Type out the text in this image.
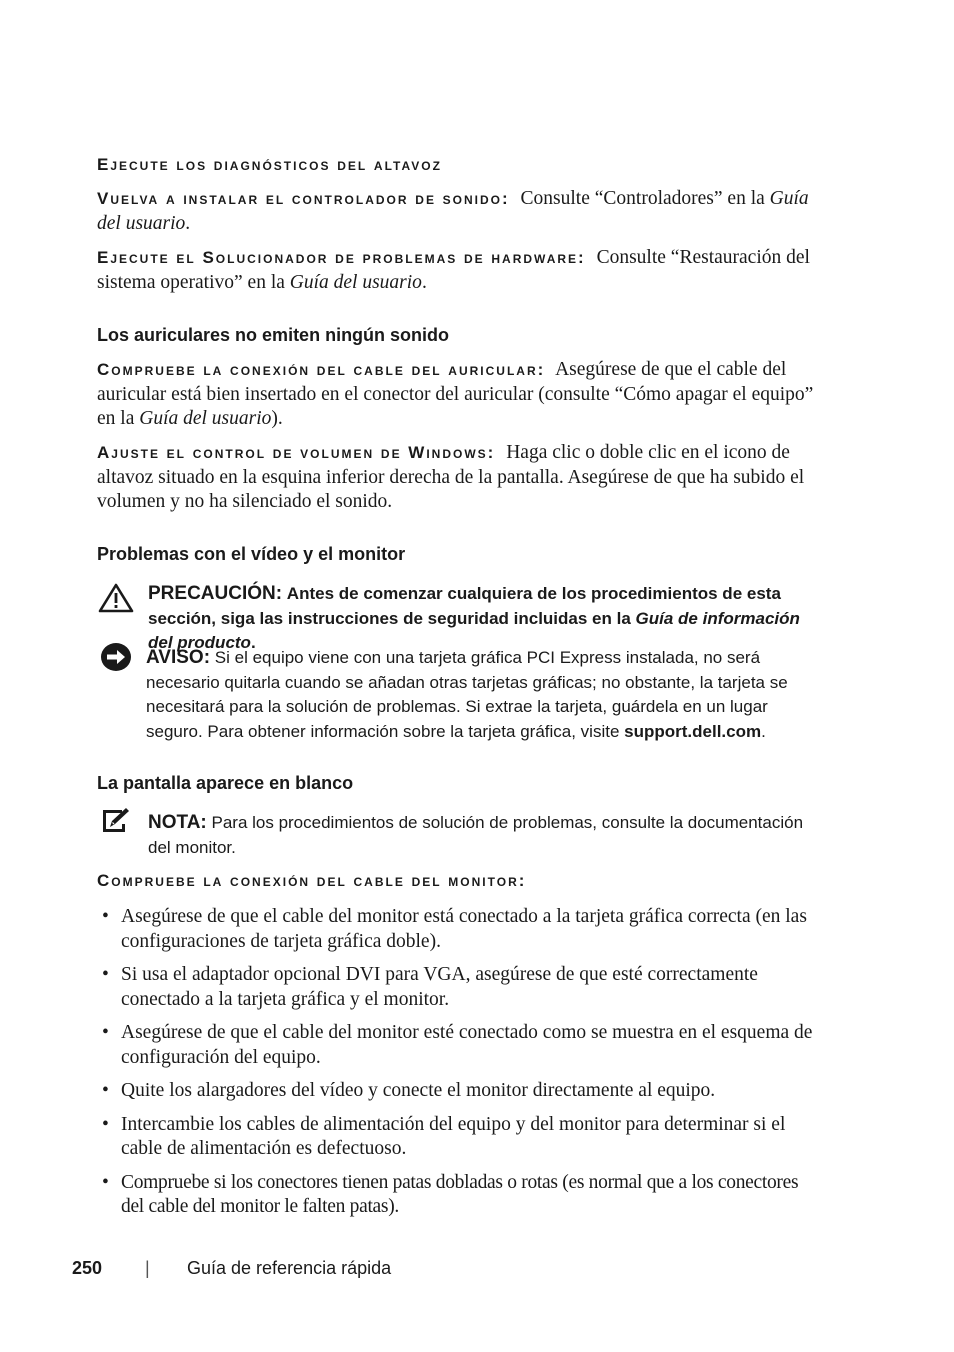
Ejecute los diagnósticos del altavoz
Vuelva a instalar el controlador de sonido: Consulte “Controladores” en la Guía del usuario.
Ejecute el Solucionador de problemas de hardware: Consulte “Restauración del sistema operativo” en la Guía del usuario.
Los auriculares no emiten ningún sonido
Compruebe la conexión del cable del auricular: Asegúrese de que el cable del auricular está bien insertado en el conector del auricular (consulte “Cómo apagar el equipo” en la Guía del usuario).
Ajuste el control de volumen de Windows: Haga clic o doble clic en el icono de altavoz situado en la esquina inferior derecha de la pantalla. Asegúrese de que ha subido el volumen y no ha silenciado el sonido.
Problemas con el vídeo y el monitor
PRECAUCIÓN: Antes de comenzar cualquiera de los procedimientos de esta sección, siga las instrucciones de seguridad incluidas en la Guía de información del producto.
AVISO: Si el equipo viene con una tarjeta gráfica PCI Express instalada, no será necesario quitarla cuando se añadan otras tarjetas gráficas; no obstante, la tarjeta se necesitará para la solución de problemas. Si extrae la tarjeta, guárdela en un lugar seguro. Para obtener información sobre la tarjeta gráfica, visite support.dell.com.
La pantalla aparece en blanco
NOTA: Para los procedimientos de solución de problemas, consulte la documentación del monitor.
Compruebe la conexión del cable del monitor:
• Asegúrese de que el cable del monitor está conectado a la tarjeta gráfica correcta (en las configuraciones de tarjeta gráfica doble).
• Si usa el adaptador opcional DVI para VGA, asegúrese de que esté correctamente conectado a la tarjeta gráfica y el monitor.
• Asegúrese de que el cable del monitor esté conectado como se muestra en el esquema de configuración del equipo.
• Quite los alargadores del vídeo y conecte el monitor directamente al equipo.
• Intercambie los cables de alimentación del equipo y del monitor para determinar si el cable de alimentación es defectuoso.
• Compruebe si los conectores tienen patas dobladas o rotas (es normal que a los conectores del cable del monitor le falten patas).
250 | Guía de referencia rápida
